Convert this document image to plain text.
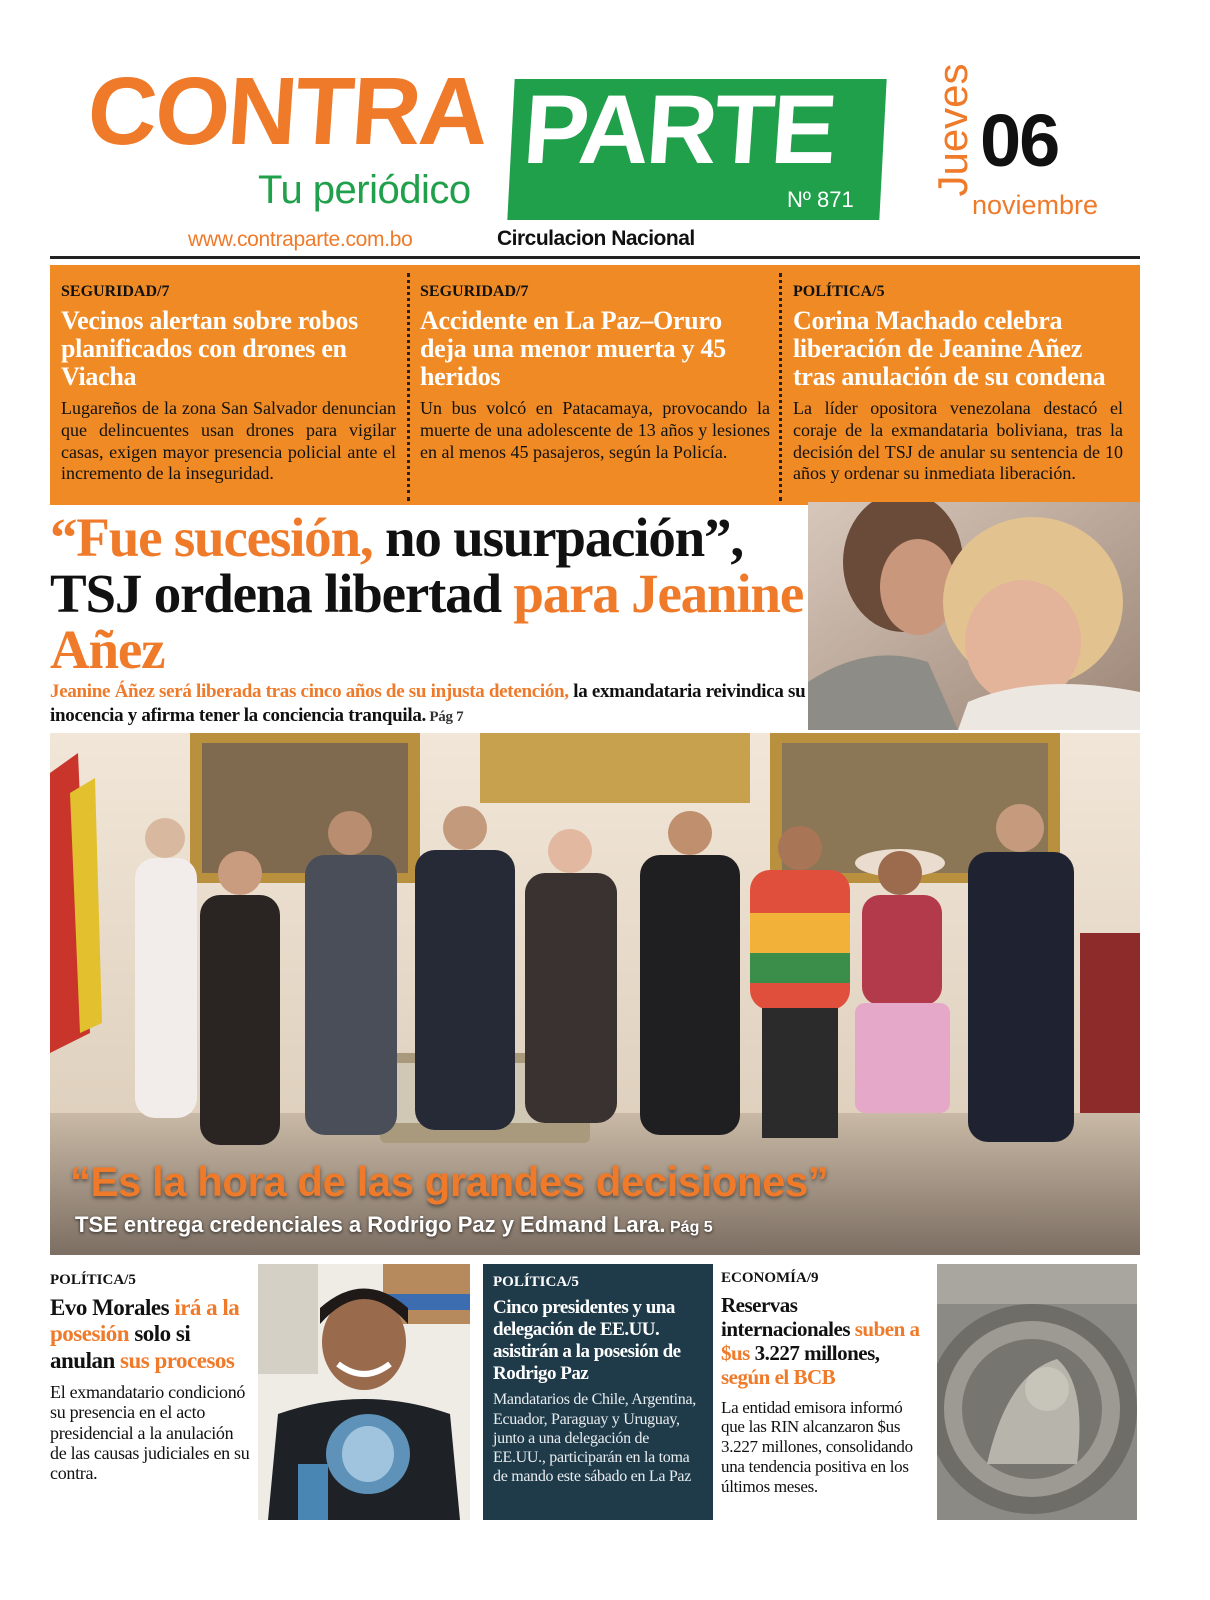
CONTRA PARTE
Nº 871
Tu periódico
www.contraparte.com.bo	Circulacion Nacional
Jueves 06
noviembre
SEGURIDAD/7
Vecinos alertan sobre robos planificados con drones en Viacha

Lugareños de la zona San Salvador denuncian que delincuentes usan drones para vigilar casas, exigen mayor presencia policial ante el incremento de la inseguridad.

SEGURIDAD/7
Accidente en La Paz–Oruro deja una menor muerta y 45 heridos

Un bus volcó en Patacamaya, provocando la muerte de una adolescente de 13 años y lesiones en al menos 45 pasajeros, según la Policía.

POLÍTICA/5
Corina Machado celebra liberación de Jeanine Añez tras anulación de su condena

La líder opositora venezolana destacó el coraje de la exmandataria boliviana, tras la decisión del TSJ de anular su sentencia de 10 años y ordenar su inmediata liberación.

“Fue sucesión, no usurpación”, TSJ ordena libertad para Jeanine Añez

Jeanine Áñez será liberada tras cinco años de su injusta detención, la exmandataria reivindica su inocencia y afirma tener la conciencia tranquila. Pág 7

“Es la hora de las grandes decisiones”
TSE entrega credenciales a Rodrigo Paz y Edmand Lara. Pág 5
POLÍTICA/5
Evo Morales irá a la posesión solo si anulan sus procesos

El exmandatario condicionó su presencia en el acto presidencial a la anulación de las causas judiciales en su contra.

POLÍTICA/5
Cinco presidentes y una delegación de EE.UU. asistirán a la posesión de Rodrigo Paz

Mandatarios de Chile, Argentina, Ecuador, Paraguay y Uruguay, junto a una delegación de EE.UU., participarán en la toma de mando este sábado en La Paz

ECONOMÍA/9
Reservas internacionales suben a $us 3.227 millones, según el BCB

La entidad emisora informó que las RIN alcanzaron $us 3.227 millones, consolidando una tendencia positiva en los últimos meses.
